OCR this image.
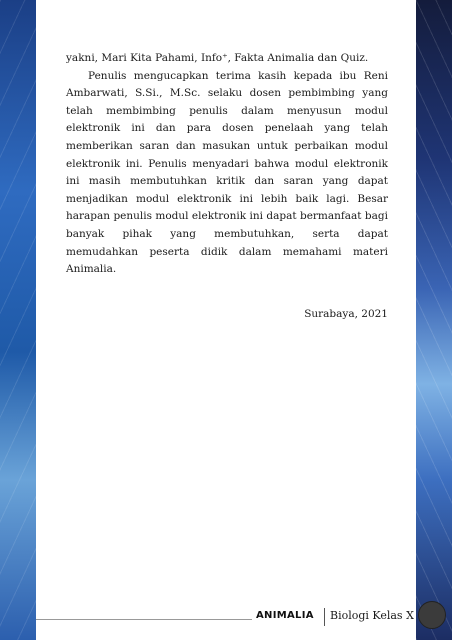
yakni, Mari Kita Pahami, Info⁺, Fakta Animalia dan Quiz.

Penulis mengucapkan terima kasih kepada ibu Reni Ambarwati, S.Si., M.Sc. selaku dosen pembimbing yang telah membimbing penulis dalam menyusun modul elektronik ini dan para dosen penelaah yang telah memberikan saran dan masukan untuk perbaikan modul elektronik ini. Penulis menyadari bahwa modul elektronik ini masih membutuhkan kritik dan saran yang dapat menjadikan modul elektronik ini lebih baik lagi. Besar harapan penulis modul elektronik ini dapat bermanfaat bagi banyak pihak yang membutuhkan, serta dapat memudahkan peserta didik dalam memahami materi Animalia.

Surabaya, 2021
ANIMALIA Biologi Kelas X
